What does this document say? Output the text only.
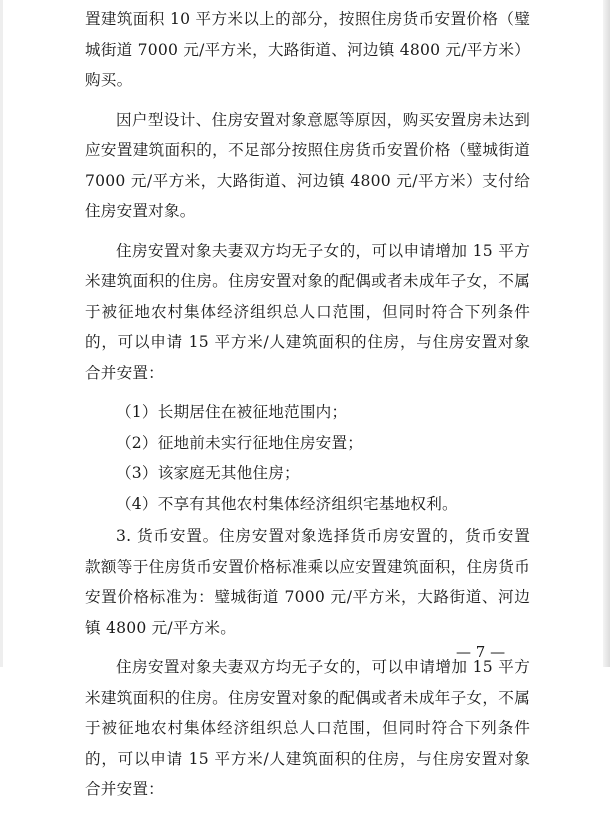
置建筑面积 10 平方米以上的部分，按照住房货币安置价格（璧城街道 7000 元/平方米，大路街道、河边镇 4800 元/平方米）购买。

因户型设计、住房安置对象意愿等原因，购买安置房未达到应安置建筑面积的，不足部分按照住房货币安置价格（璧城街道 7000 元/平方米，大路街道、河边镇 4800 元/平方米）支付给住房安置对象。

住房安置对象夫妻双方均无子女的，可以申请增加 15 平方米建筑面积的住房。住房安置对象的配偶或者未成年子女，不属于被征地农村集体经济组织总人口范围，但同时符合下列条件的，可以申请 15 平方米/人建筑面积的住房，与住房安置对象合并安置：

（1）长期居住在被征地范围内；

（2）征地前未实行征地住房安置；

（3）该家庭无其他住房；

（4）不享有其他农村集体经济组织宅基地权利。

3. 货币安置。住房安置对象选择货币房安置的，货币安置款额等于住房货币安置价格标准乘以应安置建筑面积，住房货币安置价格标准为：璧城街道 7000 元/平方米，大路街道、河边镇 4800 元/平方米。

住房安置对象夫妻双方均无子女的，可以申请增加 15 平方米建筑面积的住房。住房安置对象的配偶或者未成年子女，不属于被征地农村集体经济组织总人口范围，但同时符合下列条件的，可以申请 15 平方米/人建筑面积的住房，与住房安置对象合并安置：

— 7 —
